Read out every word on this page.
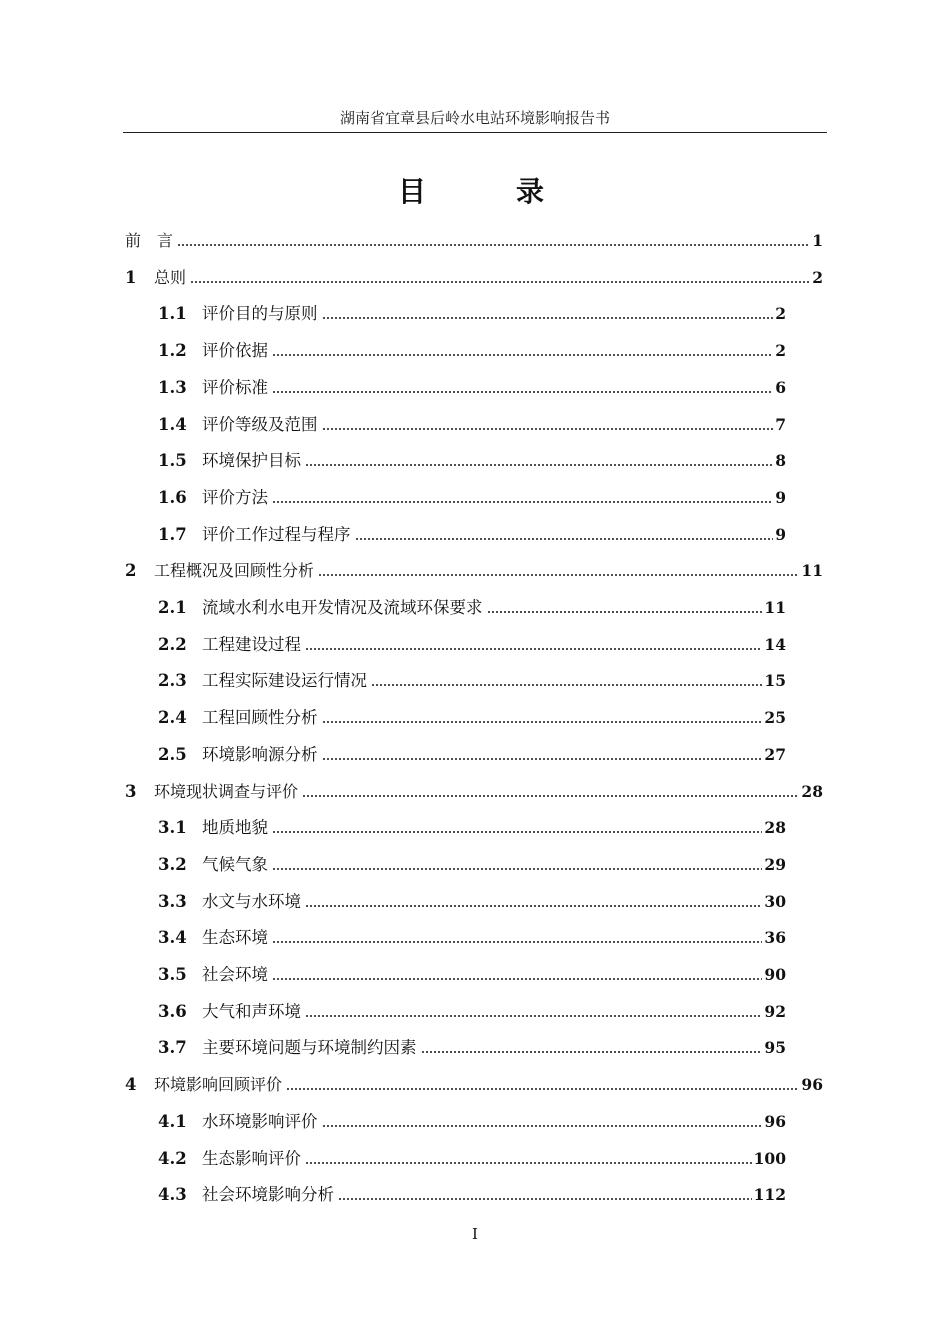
湖南省宜章县后岭水电站环境影响报告书
目	录
前　言	1
1	总则	2
1.1 评价目的与原则	2
1.2 评价依据	2
1.3 评价标准	6
1.4 评价等级及范围	7
1.5 环境保护目标	8
1.6 评价方法	9
1.7 评价工作过程与程序	9
2	工程概况及回顾性分析	11
2.1 流域水利水电开发情况及流域环保要求	11
2.2 工程建设过程	14
2.3 工程实际建设运行情况	15
2.4 工程回顾性分析	25
2.5 环境影响源分析	27
3	环境现状调查与评价	28
3.1 地质地貌	28
3.2 气候气象	29
3.3 水文与水环境	30
3.4 生态环境	36
3.5 社会环境	90
3.6 大气和声环境	92
3.7 主要环境问题与环境制约因素	95
4	环境影响回顾评价	96
4.1 水环境影响评价	96
4.2 生态影响评价	100
4.3 社会环境影响分析	112
I
